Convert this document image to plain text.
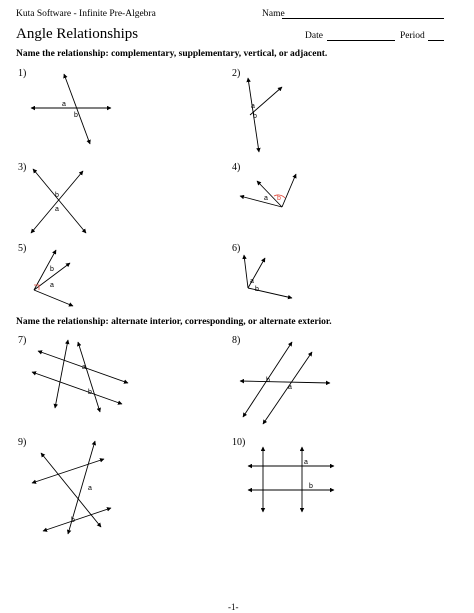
Kuta Software - Infinite Pre-Algebra	Name
Angle Relationships	Date	Period
Name the relationship: complementary, supplementary, vertical, or adjacent.
Name the relationship: alternate interior, corresponding, or alternate exterior.
1)	2)
3)	4)
5)	6)
7)	8)
9)	10)
a
b
a
b
b
a
a b
b
a
a
b
a
b
b
a
a
b
a
b
-1-
